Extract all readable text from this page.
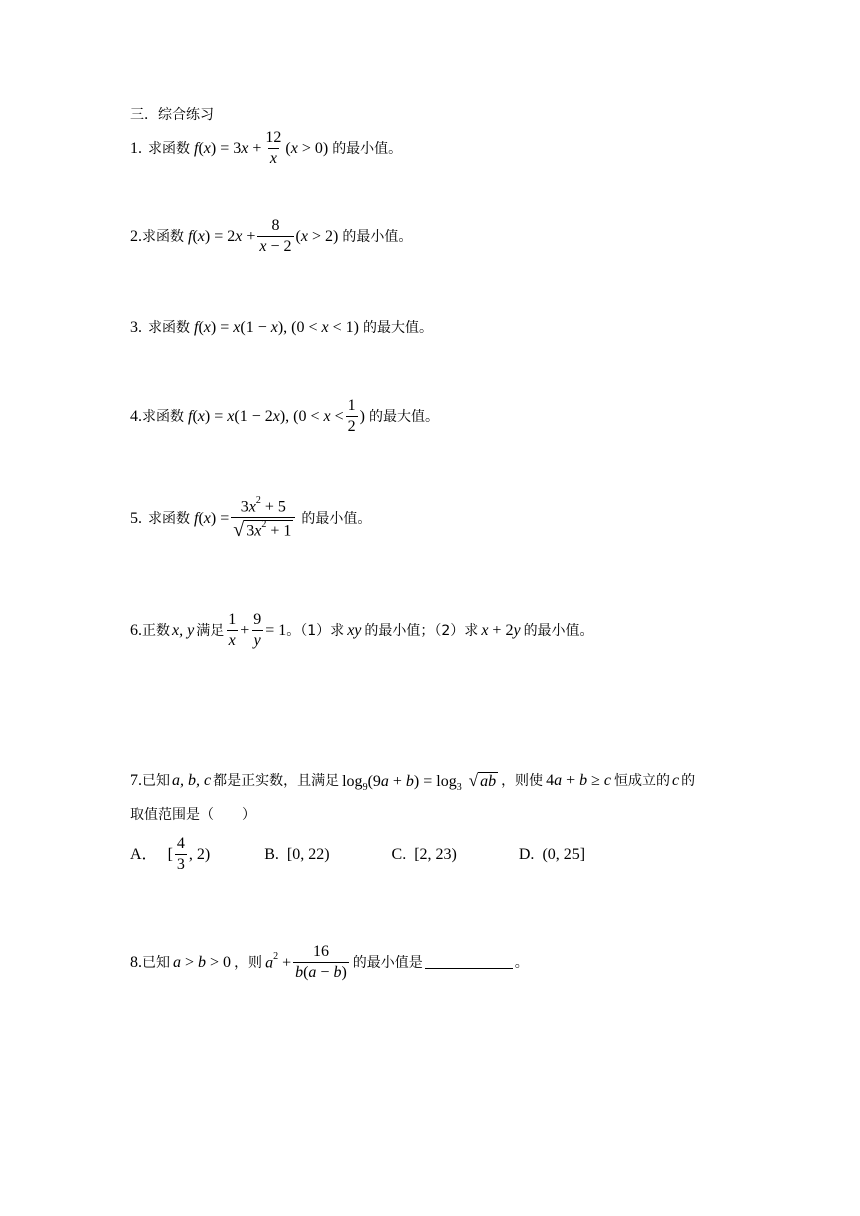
三．综合练习
1. 求函数 $f(x) = 3x + \frac{12}{x} (x > 0)$ 的最小值。
2. 求函数 $f(x) = 2x + \frac{8}{x - 2} (x > 2)$ 的最小值。
3. 求函数 f(x) = x(1 − x), (0 < x < 1) 的最大值。
4. 求函数 f(x) = x(1 − 2x), ($0 < x < \frac{1}{2}$ ) 的最大值。
5. 求函数 $f(x) = \frac{3x^2 + 5}{√ 3x^2 + 1}$ 的最小值。
6. 正数 x, y 满足 $\frac{1}{x} + \frac{9}{y} = 1$ 。（1）求 xy 的最小值；（2）求 x + 2y 的最小值。
7. 已知 a, b, c 都是正实数，且满足 $\log_9(9a + b) = \log_3$ √ ab ，则使 4a + b ≥ c 恒成立的 c 的
取值范围是（　　）
A． [ $\frac{4}{3}$ , 2)	B. [0, 22)	C. [2, 23)	D. (0, 25]
8. 已知 a > b > 0 ，则 $a^2 + \frac{16}{b(a - b)}$ 的最小值是	。
